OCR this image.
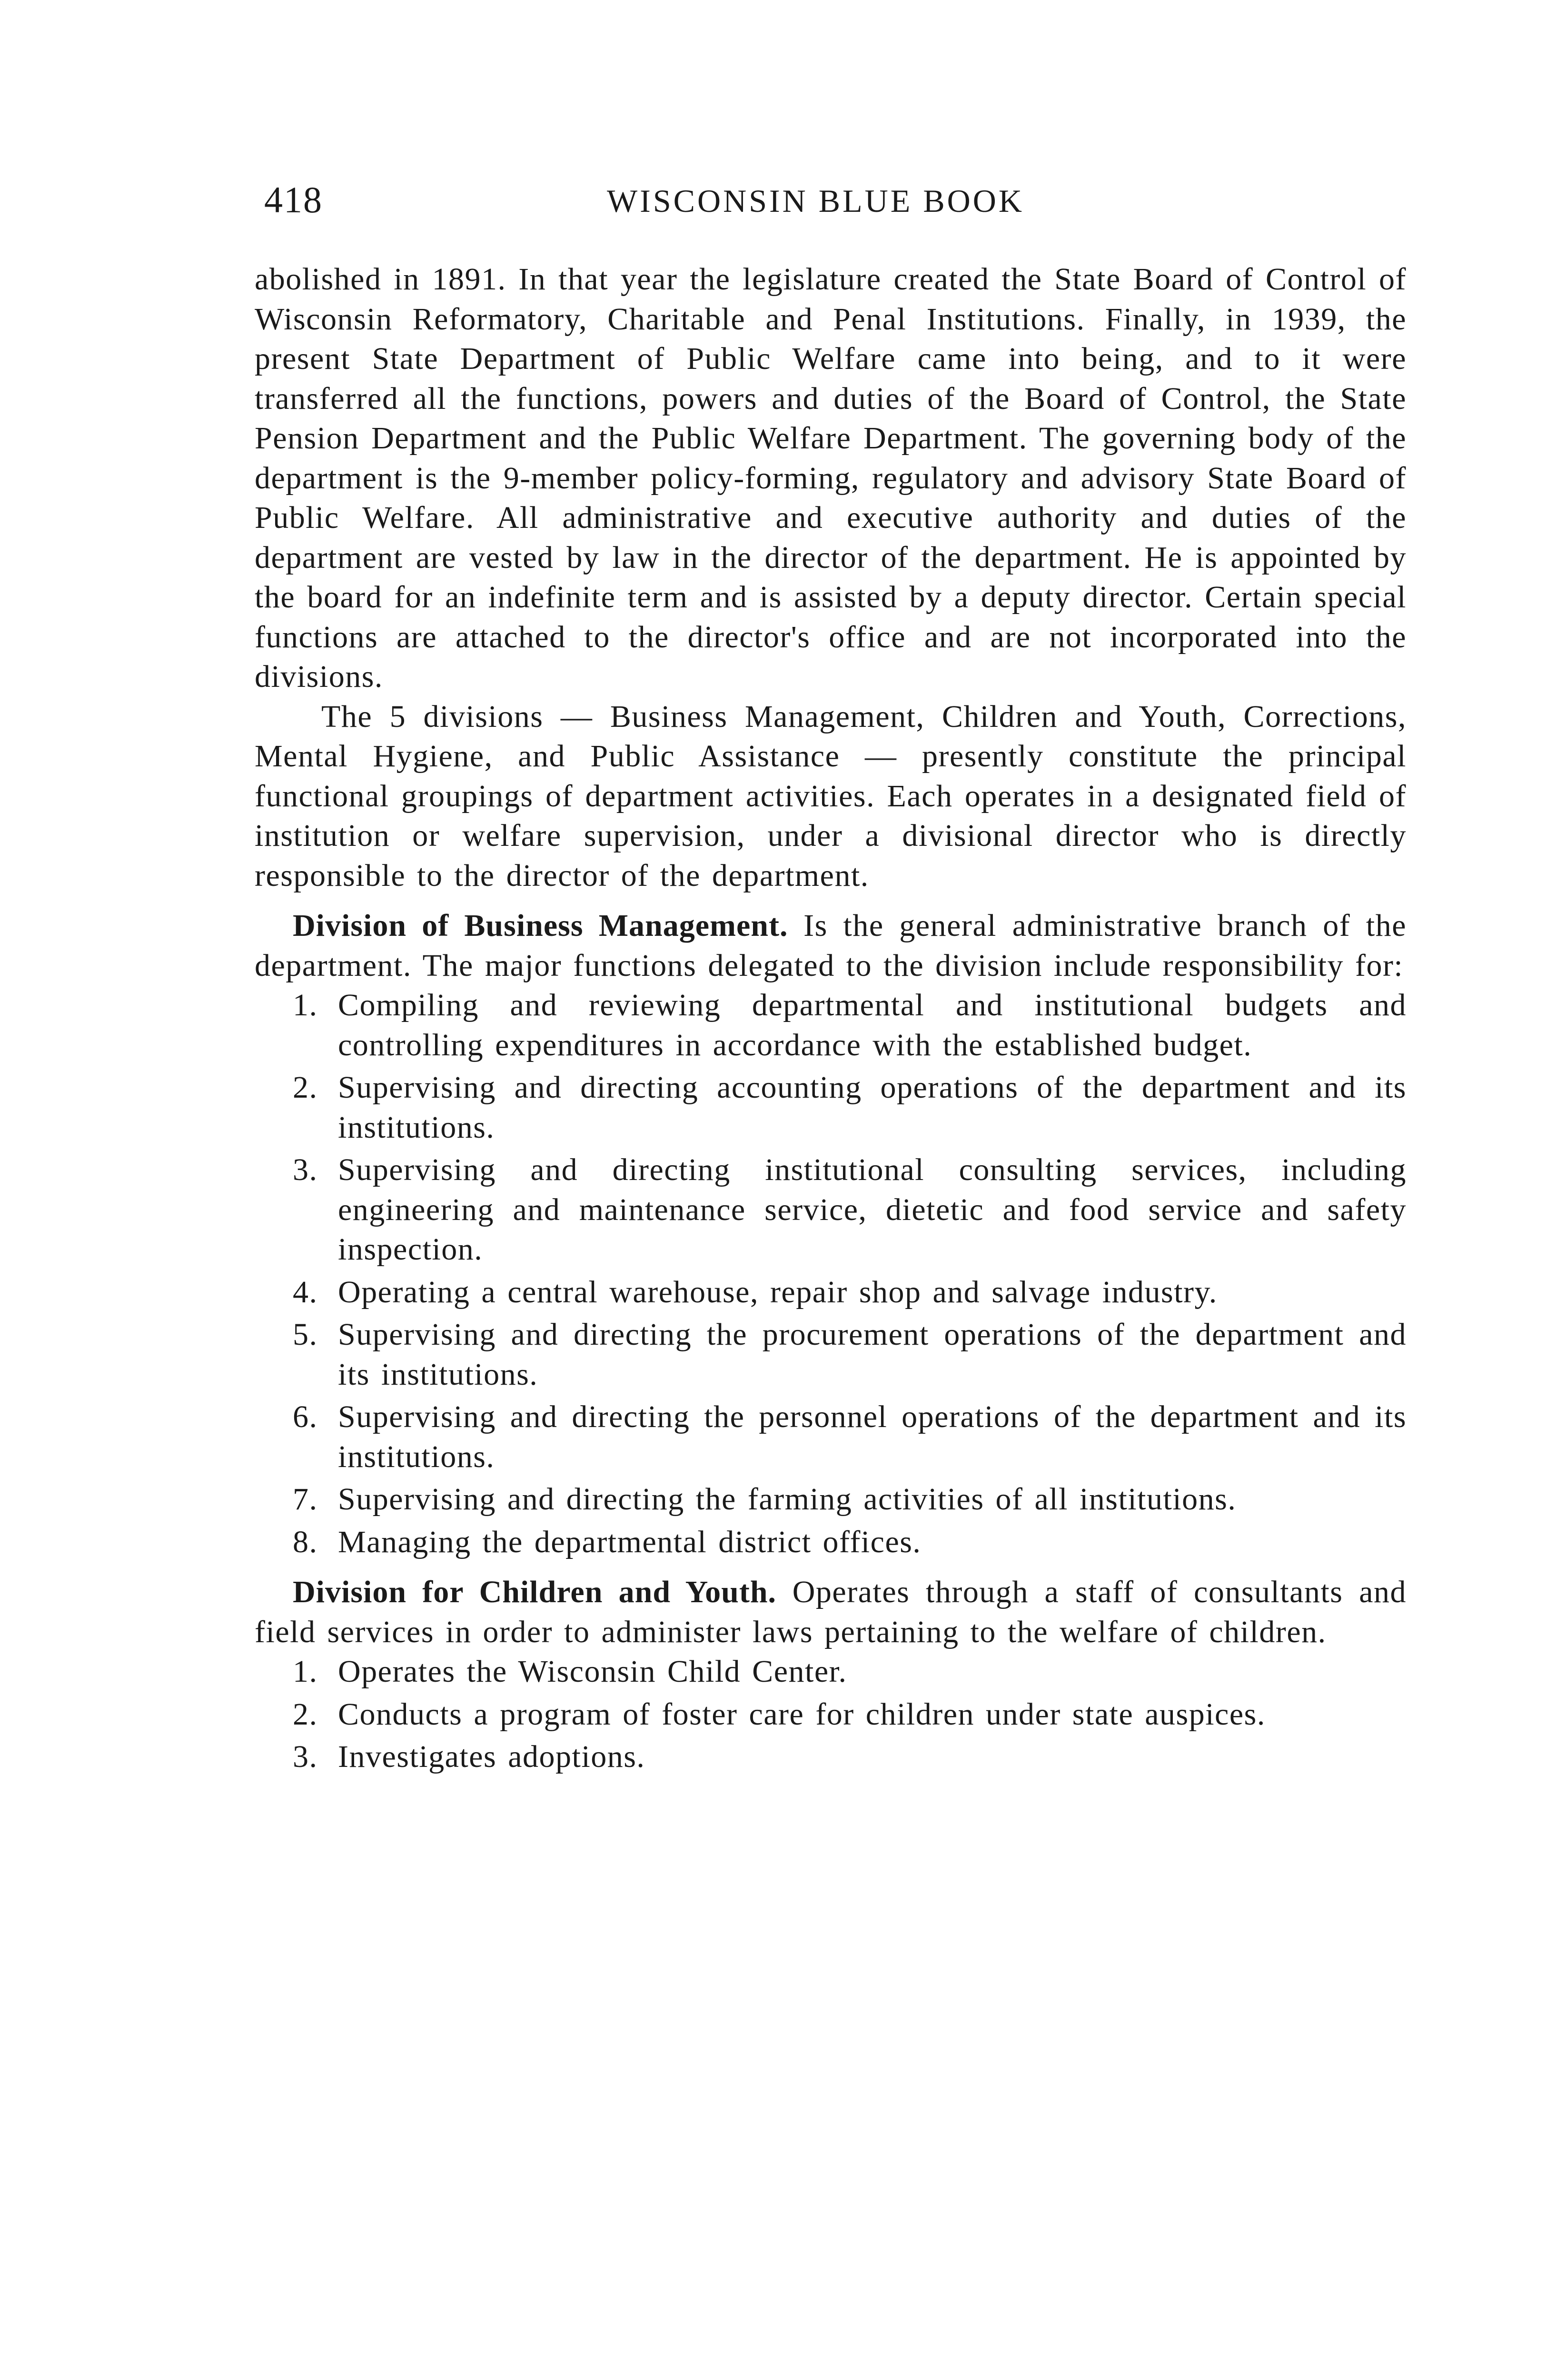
418	WISCONSIN BLUE BOOK

abolished in 1891. In that year the legislature created the State Board of Control of Wisconsin Reformatory, Charitable and Penal Institutions. Finally, in 1939, the present State Department of Public Welfare came into being, and to it were transferred all the functions, powers and duties of the Board of Control, the State Pension Department and the Public Welfare Department. The governing body of the department is the 9-member policy-forming, regulatory and advisory State Board of Public Welfare. All administrative and executive authority and duties of the department are vested by law in the director of the department. He is appointed by the board for an indefinite term and is assisted by a deputy director. Certain special functions are attached to the director's office and are not incorporated into the divisions.

The 5 divisions — Business Management, Children and Youth, Corrections, Mental Hygiene, and Public Assistance — presently constitute the principal functional groupings of department activities. Each operates in a designated field of institution or welfare supervision, under a divisional director who is directly responsible to the director of the department.

Division of Business Management. Is the general administrative branch of the department. The major functions delegated to the division include responsibility for:

1. Compiling and reviewing departmental and institutional budgets and controlling expenditures in accordance with the established budget.
2. Supervising and directing accounting operations of the department and its institutions.
3. Supervising and directing institutional consulting services, including engineering and maintenance service, dietetic and food service and safety inspection.
4. Operating a central warehouse, repair shop and salvage industry.
5. Supervising and directing the procurement operations of the department and its institutions.
6. Supervising and directing the personnel operations of the department and its institutions.
7. Supervising and directing the farming activities of all institutions.
8. Managing the departmental district offices.

Division for Children and Youth. Operates through a staff of consultants and field services in order to administer laws pertaining to the welfare of children.

1. Operates the Wisconsin Child Center.
2. Conducts a program of foster care for children under state auspices.
3. Investigates adoptions.
